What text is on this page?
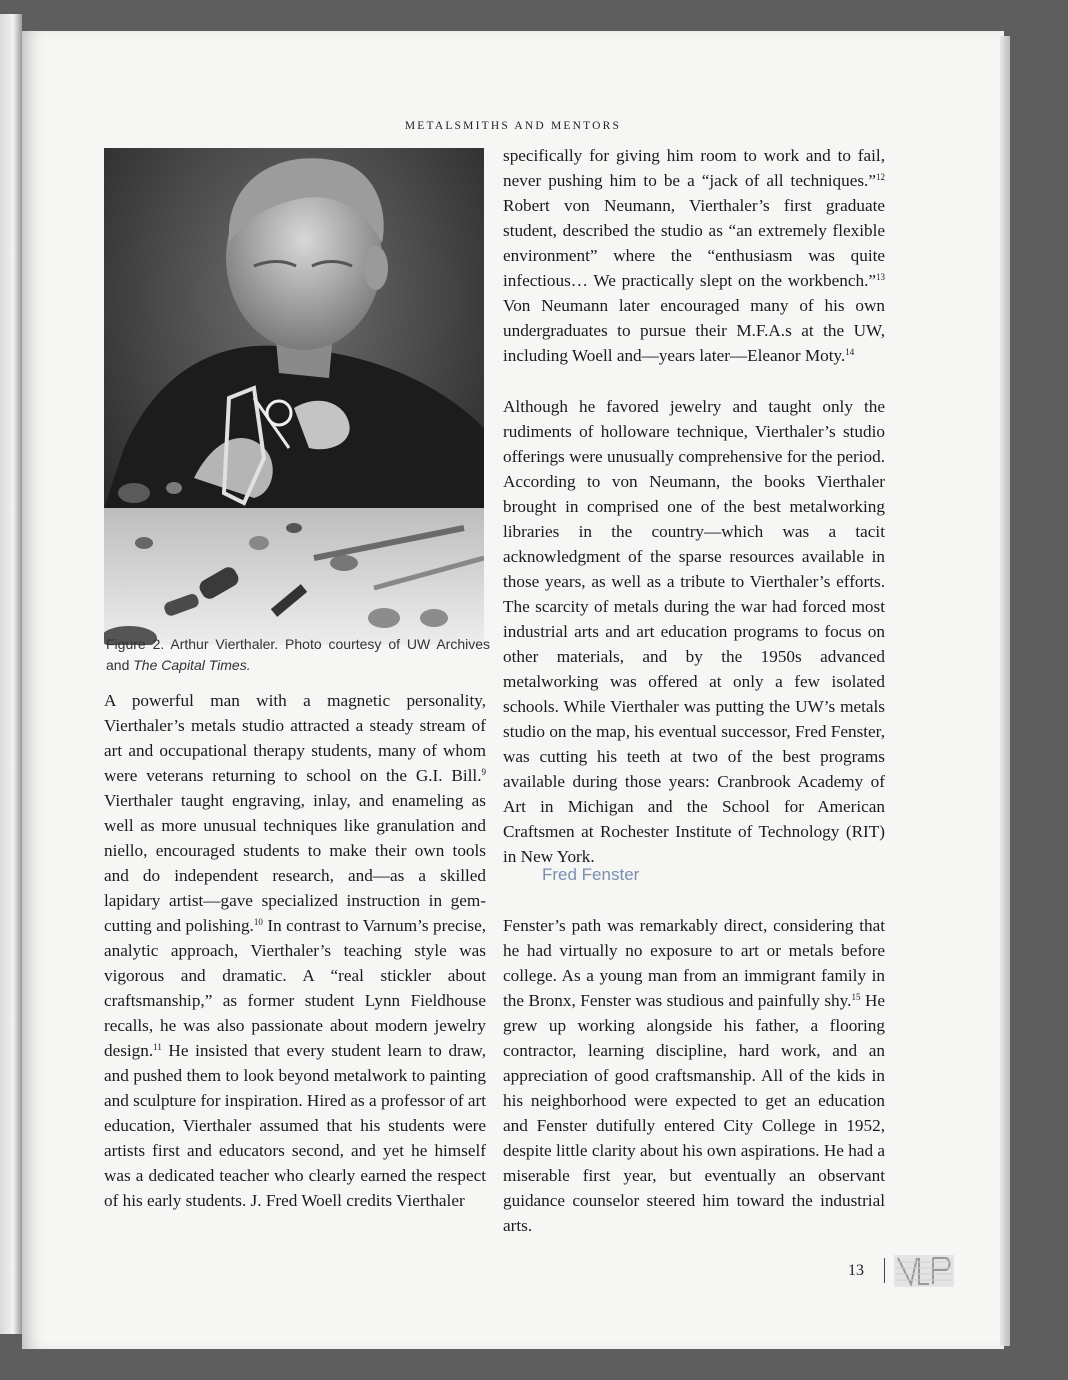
METALSMITHS AND MENTORS
Figure 2. Arthur Vierthaler. Photo courtesy of UW Archives and The Capital Times.

A powerful man with a magnetic personality, Vierthaler’s metals studio attracted a steady stream of art and occupational therapy students, many of whom were veterans returning to school on the G.I. Bill.$^9$ Vierthaler taught engraving, inlay, and enameling as well as more unusual techniques like granulation and niello, encouraged students to make their own tools and do independent research, and—as a skilled lapidary artist—gave specialized instruction in gem-cutting and polishing.$^{10}$ In contrast to Varnum’s precise, analytic approach, Vierthaler’s teaching style was vigorous and dramatic. A “real stickler about craftsmanship,” as former student Lynn Fieldhouse recalls, he was also passionate about modern jewelry design.$^{11}$ He insisted that every student learn to draw, and pushed them to look beyond metalwork to painting and sculpture for inspiration. Hired as a professor of art education, Vierthaler assumed that his students were artists first and educators second, and yet he himself was a dedicated teacher who clearly earned the respect of his early students. J. Fred Woell credits Vierthaler

specifically for giving him room to work and to fail, never pushing him to be a “jack of all techniques.”$^{12}$ Robert von Neumann, Vierthaler’s first graduate student, described the studio as “an extremely flexible environment” where the “enthusiasm was quite infectious… We practically slept on the workbench.”$^{13}$ Von Neumann later encouraged many of his own undergraduates to pursue their M.F.A.s at the UW, including Woell and—years later—Eleanor Moty.$^{14}$

Although he favored jewelry and taught only the rudiments of holloware technique, Vierthaler’s studio offerings were unusually comprehensive for the period. According to von Neumann, the books Vierthaler brought in comprised one of the best metalworking libraries in the country—which was a tacit acknowledgment of the sparse resources available in those years, as well as a tribute to Vierthaler’s efforts. The scarcity of metals during the war had forced most industrial arts and art education programs to focus on other materials, and by the 1950s advanced metalworking was offered at only a few isolated schools. While Vierthaler was putting the UW’s metals studio on the map, his eventual successor, Fred Fenster, was cutting his teeth at two of the best programs available during those years: Cranbrook Academy of Art in Michigan and the School for American Craftsmen at Rochester Institute of Technology (RIT) in New York.

Fred Fenster

Fenster’s path was remarkably direct, considering that he had virtually no exposure to art or metals before college. As a young man from an immigrant family in the Bronx, Fenster was studious and painfully shy.$^{15}$ He grew up working alongside his father, a flooring contractor, learning discipline, hard work, and an appreciation of good craftsmanship. All of the kids in his neighborhood were expected to get an education and Fenster dutifully entered City College in 1952, despite little clarity about his own aspirations. He had a miserable first year, but eventually an observant guidance counselor steered him toward the industrial arts.

13
